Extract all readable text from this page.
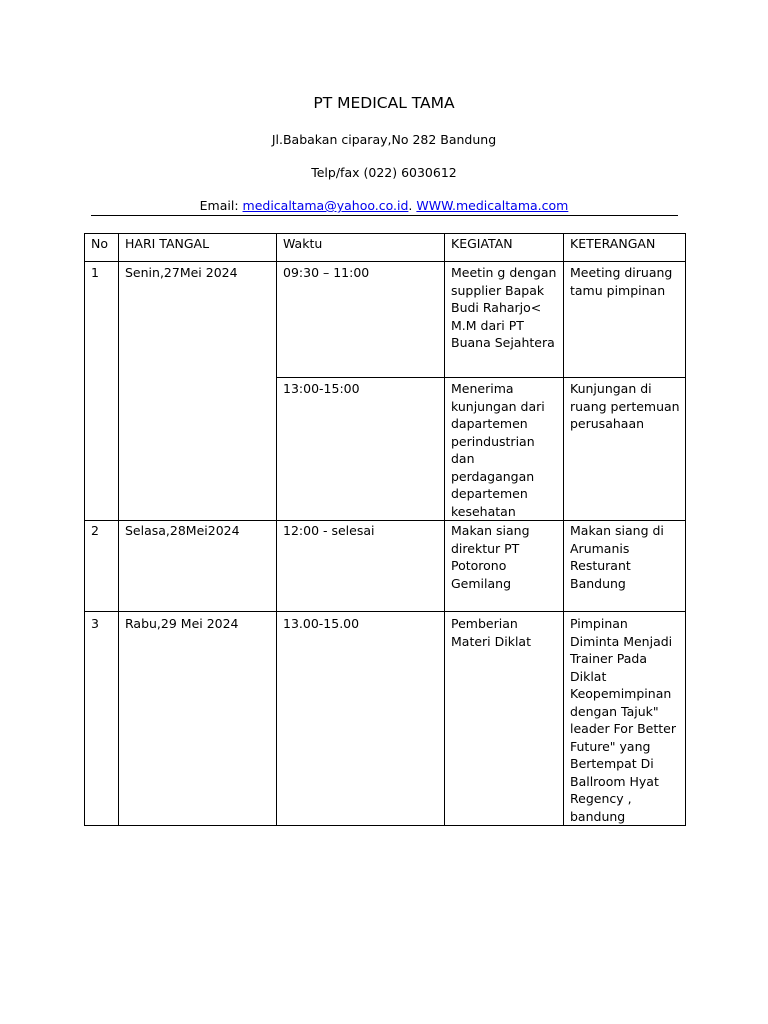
PT MEDICAL TAMA
Jl.Babakan ciparay,No 282 Bandung
Telp/fax (022) 6030612
Email: medicaltama@yahoo.co.id. WWW.medicaltama.com
No	HARI TANGAL	Waktu	KEGIATAN	KETERANGAN
1	Senin,27Mei 2024	09:30 – 11:00	Meetin g dengan supplier Bapak Budi Raharjo< M.M dari PT Buana Sejahtera	Meeting diruang tamu pimpinan
		13:00-15:00	Menerima kunjungan dari dapartemen perindustrian dan perdagangan departemen kesehatan	Kunjungan di ruang pertemuan perusahaan
2	Selasa,28Mei2024	12:00 - selesai	Makan siang direktur PT Potorono Gemilang	Makan siang di Arumanis Resturant Bandung
3	Rabu,29 Mei 2024	13.00-15.00	Pemberian Materi Diklat	Pimpinan Diminta Menjadi Trainer Pada Diklat Keopemimpinan dengan Tajuk" leader For Better Future" yang Bertempat Di Ballroom Hyat Regency , bandung
